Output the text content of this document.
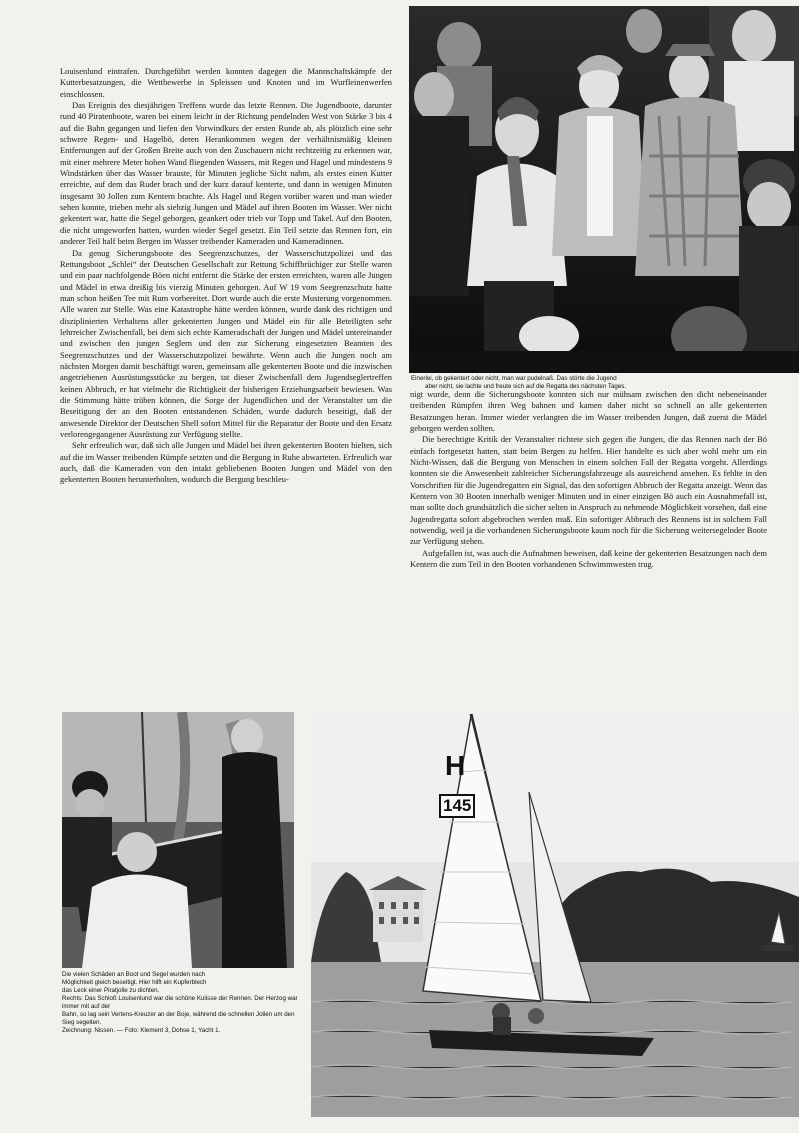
Louisenlund eintrafen. Durchgeführt werden konnten dagegen die Mannschaftskämpfe der Kutterbesatzungen, die Wettbewerbe in Spleissen und Knoten und im Wurfleinenwerfen einschlossen.

Das Ereignis des diesjährigen Treffens wurde das letzte Rennen. Die Jugendboote, darunter rund 40 Piratenboote, waren bei einem leicht in der Richtung pendelnden West von Stärke 3 bis 4 auf die Bahn gegangen und liefen den Vorwindkurs der ersten Runde ab, als plötzlich eine sehr schwere Regen- und Hagelbö, deren Herankommen wegen der verhältnismäßig kleinen Entfernungen auf der Großen Breite auch von den Zuschauern nicht rechtzeitig zu erkennen war, mit einer mehrere Meter hohen Wand fliegenden Wassers, mit Regen und Hagel und mindestens 9 Windstärken über das Wasser brauste, für Minuten jegliche Sicht nahm, als erstes einen Kutter erreichte, auf dem das Ruder brach und der kurz darauf kenterte, und dann in wenigen Minuten insgesamt 30 Jollen zum Kentern brachte. Als Hagel und Regen vorüber waren und man wieder sehen konnte, trieben mehr als siebzig Jungen und Mädel auf ihren Booten im Wasser. Wer nicht gekentert war, hatte die Segel geborgen, geankert oder trieb vor Topp und Takel. Auf den Booten, die nicht umgeworfen hatten, wurden wieder Segel gesetzt. Ein Teil setzte das Rennen fort, ein anderer Teil half beim Bergen im Wasser treibender Kameraden und Kameradinnen.

Da genug Sicherungsboote des Seegrenzschutzes, der Wasserschutzpolizei und das Rettungsboot „Schlei“ der Deutschen Gesellschaft zur Rettung Schiffbrüchiger zur Stelle waren und ein paar nachfolgende Böen nicht entfernt die Stärke der ersten erreichten, waren alle Jungen und Mädel in etwa dreißig bis vierzig Minuten geborgen. Auf W 19 vom Seegrenzschutz hatte man schon heißen Tee mit Rum vorbereitet. Dort wurde auch die erste Musterung vorgenommen. Alle waren zur Stelle. Was eine Katastrophe hätte werden können, wurde dank des richtigen und disziplinierten Verhaltens aller gekenterten Jungen und Mädel ein für alle Beteiligten sehr lehrreicher Zwischenfall, bei dem sich echte Kameradschaft der Jungen und Mädel untereinander und zwischen den jungen Seglern und den zur Sicherung eingesetzten Beamten des Seegrenzschutzes und der Wasserschutzpolizei bewährte. Wenn auch die Jungen noch am nächsten Morgen damit beschäftigt waren, gemeinsam alle gekenterten Boote und die inzwischen angetriebenen Ausrüstungsstücke zu bergen, tat dieser Zwischenfall dem Jugendseglertreffen keinen Abbruch, er hat vielmehr die Richtigkeit der bisherigen Erziehungsarbeit bewiesen. Was die Stimmung hätte trüben können, die Sorge der Jugendlichen und der Veranstalter um die Beseitigung der an den Booten entstandenen Schäden, wurde dadurch beseitigt, daß der anwesende Direktor der Deutschen Shell sofort Mittel für die Reparatur der Boote und den Ersatz verlorengegangener Ausrüstung zur Verfügung stellte.

Sehr erfreulich war, daß sich alle Jungen und Mädel bei ihren gekenterten Booten hielten, sich auf die im Wasser treibenden Rümpfe setzten und die Bergung in Ruhe abwarteten. Erfreulich war auch, daß die Kameraden von den intakt gebliebenen Booten Jungen und Mädel von den gekenterten Booten herunterholten, wodurch die Bergung beschleu-

Einerlei, ob gekentert oder nicht, man war pudelnaß. Das störte die Jugend
aber nicht, sie lachte und freute sich auf die Regatta des nächsten Tages.

nigt wurde, denn die Sicherungsboote konnten sich nur mühsam zwischen den dicht nebeneinander treibenden Rümpfen ihren Weg bahnen und kamen daher nicht so schnell an alle gekenterten Besatzungen heran. Immer wieder verlangten die im Wasser treibenden Jungen, daß zuerst die Mädel geborgen werden sollten.

Die berechtigte Kritik der Veranstalter richtete sich gegen die Jungen, die das Rennen nach der Bö einfach fortgesetzt hatten, statt beim Bergen zu helfen. Hier handelte es sich aber wohl mehr um ein Nicht-Wissen, daß die Bergung von Menschen in einem solchen Fall der Regatta vorgeht. Allerdings konnten sie die Anwesenheit zahlreicher Sicherungsfahrzeuge als ausreichend ansehen. Es fehlte in den Vorschriften für die Jugendregatten ein Signal, das den sofortigen Abbruch der Regatta anzeigt. Wenn das Kentern von 30 Booten innerhalb weniger Minuten und in einer einzigen Bö auch ein Ausnahmefall ist, man sollte doch grundsätzlich die sicher selten in Anspruch zu nehmende Möglichkeit vorsehen, daß eine Jugendregatta sofort abgebrochen werden muß. Ein sofortiger Abbruch des Rennens ist in solchem Fall notwendig, weil ja die vorhandenen Sicherungsboote kaum noch für die Sicherung weitersegelnder Boote zur Verfügung stehen.

Aufgefallen ist, was auch die Aufnahmen beweisen, daß keine der gekenterten Besatzungen nach dem Kentern die zum Teil in den Booten vorhandenen Schwimmwesten trug.

Die vielen Schäden an Boot und Segel wurden nach
Möglichkeit gleich beseitigt. Hier hilft ein Kupferblech
das Leck einer Piratjolle zu dichten.
Rechts: Das Schloß Louisenlund war die schöne Kulisse der Rennen. Der Herzog war immer mit auf der
Bahn, so lag sein Vertens-Kreuzer an der Boje, während die schnellen Jollen um den Sieg segelten.
Zeichnung: Nissen. — Foto: Klement 3, Dohse 1, Yacht 1.
H
145
